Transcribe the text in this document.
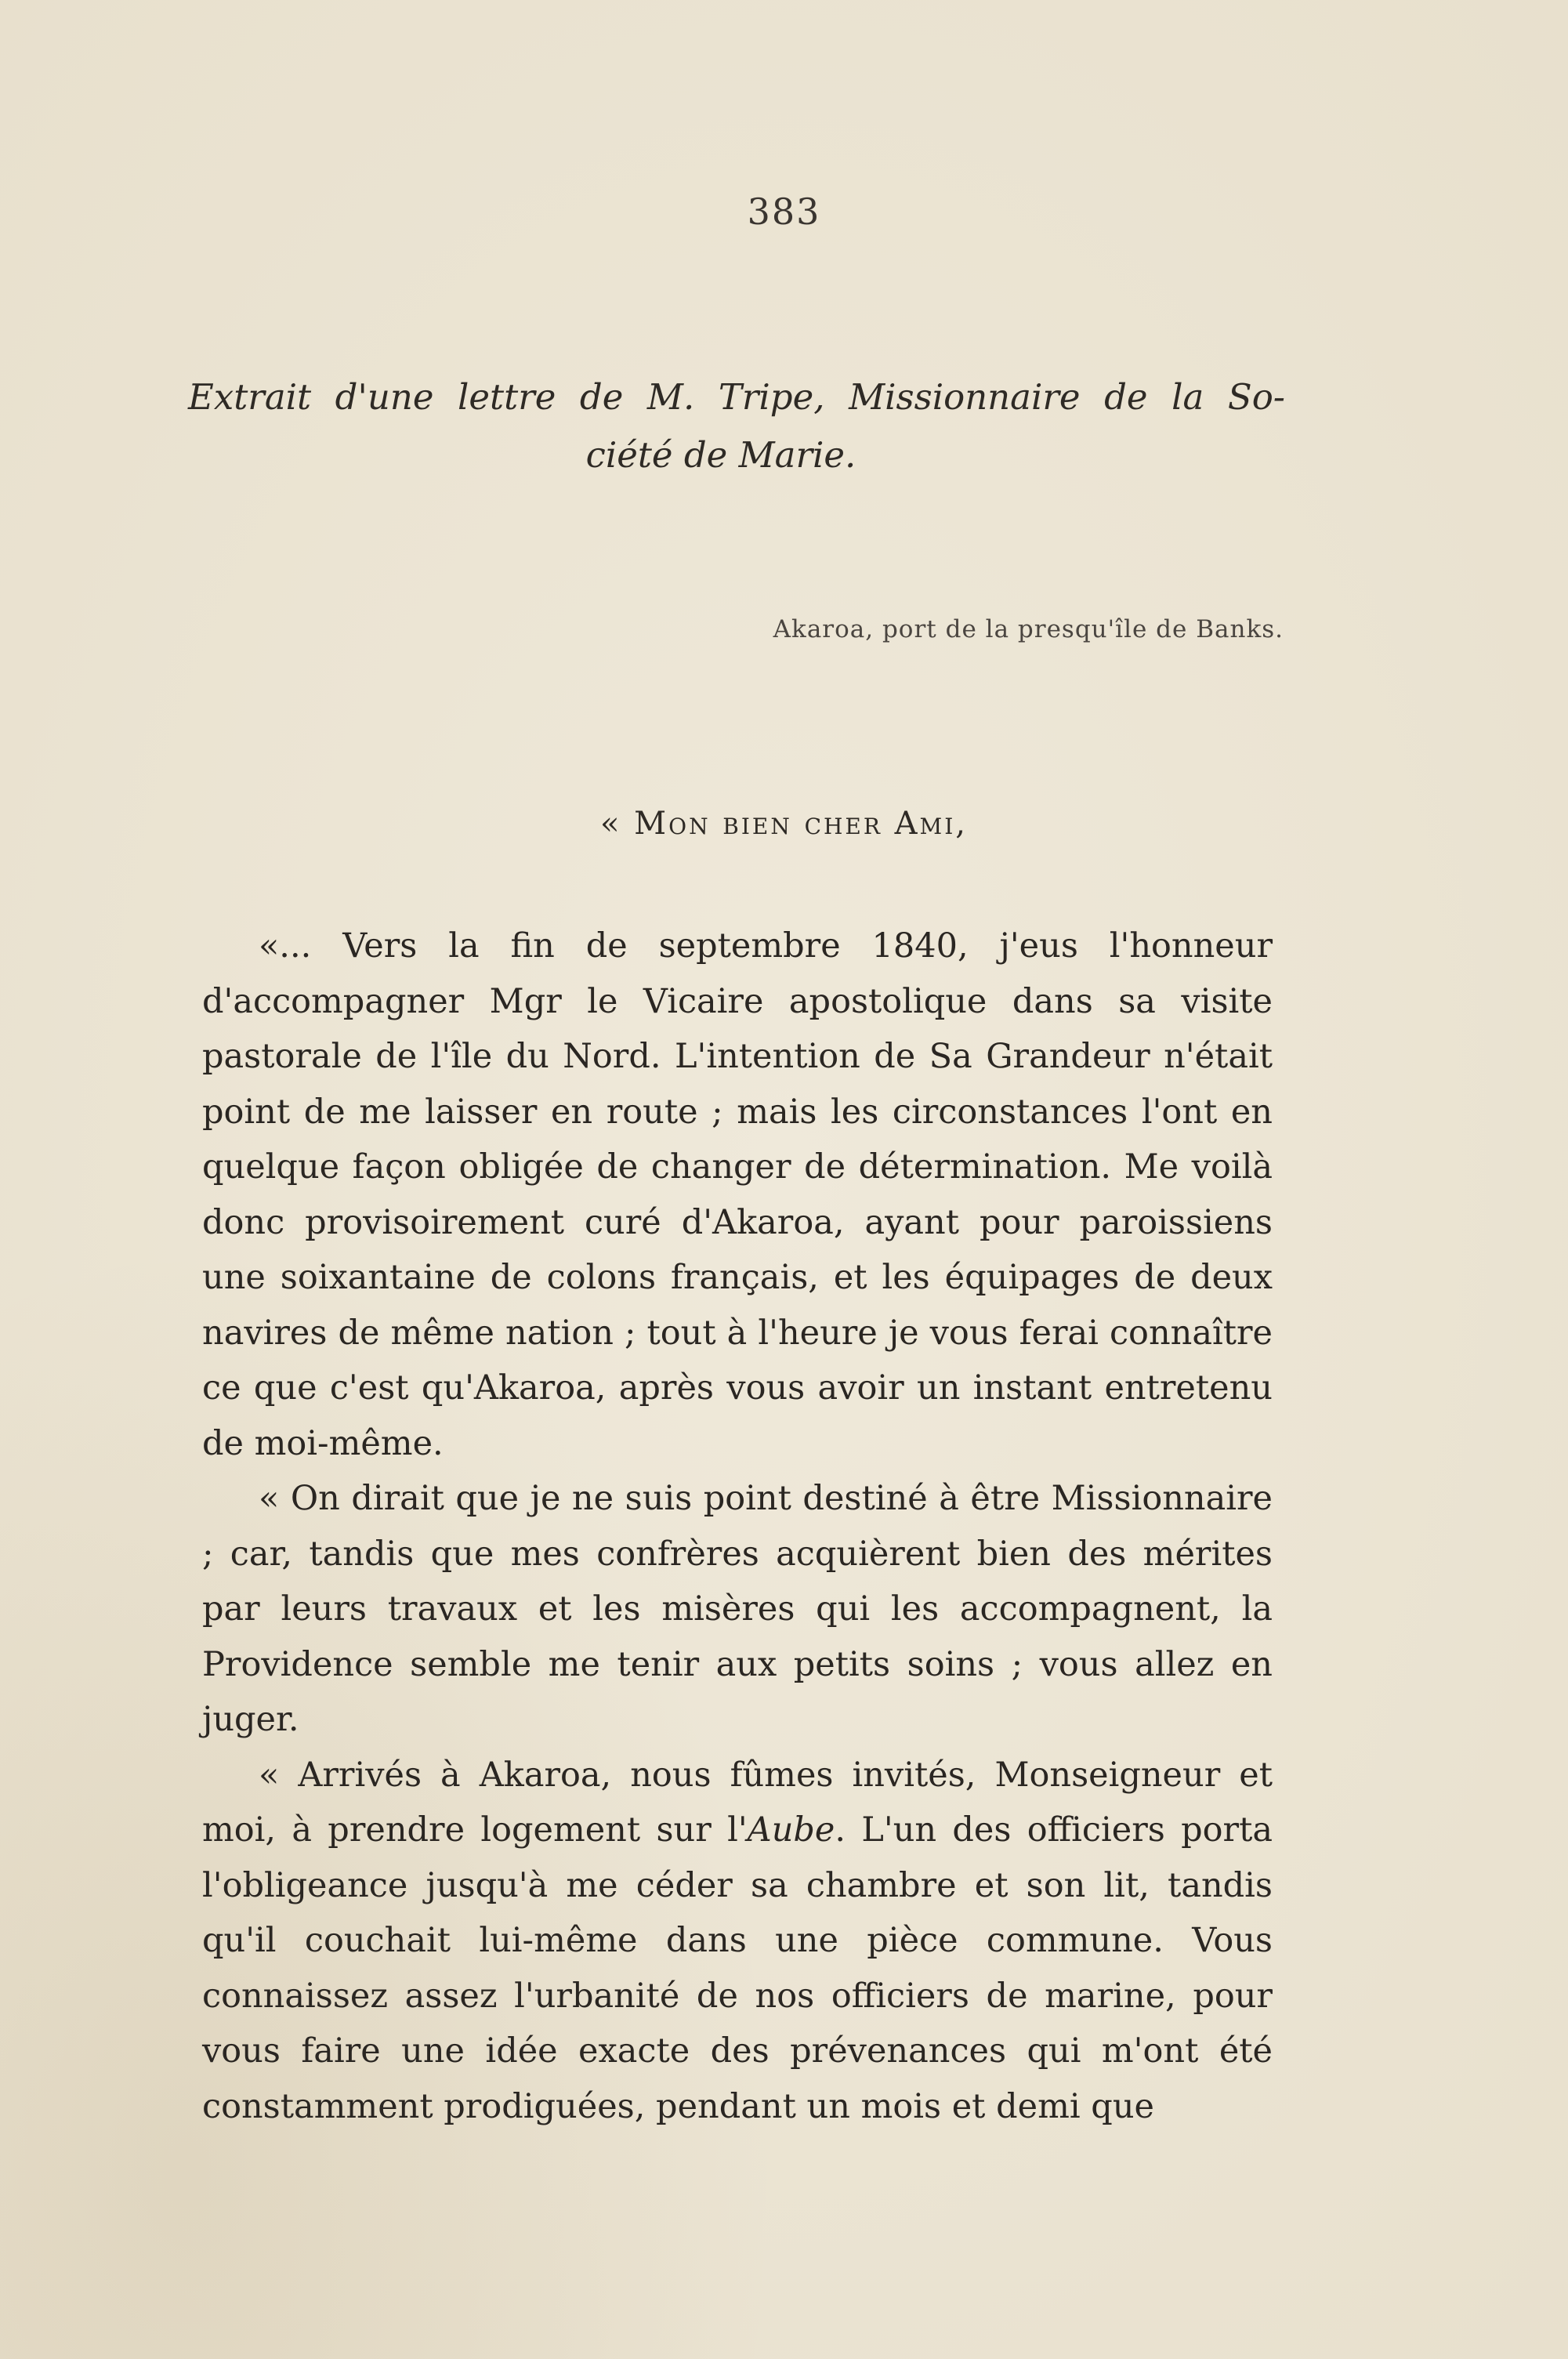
383
Extrait d'une lettre de M. Tripe, Missionnaire de la So-
ciété de Marie.
Akaroa, port de la presqu'île de Banks.
« Mon bien cher Ami,

«... Vers la fin de septembre 1840, j'eus l'honneur d'accompagner Mgr le Vicaire apostolique dans sa visite pastorale de l'île du Nord. L'intention de Sa Grandeur n'était point de me laisser en route ; mais les circonstances l'ont en quelque façon obligée de changer de détermination. Me voilà donc provisoirement curé d'Akaroa, ayant pour paroissiens une soixantaine de colons français, et les équipages de deux navires de même nation ; tout à l'heure je vous ferai connaître ce que c'est qu'Akaroa, après vous avoir un instant entretenu de moi-même.

« On dirait que je ne suis point destiné à être Missionnaire ; car, tandis que mes confrères acquièrent bien des mérites par leurs travaux et les misères qui les accompagnent, la Providence semble me tenir aux petits soins ; vous allez en juger.

« Arrivés à Akaroa, nous fûmes invités, Monseigneur et moi, à prendre logement sur l'Aube. L'un des officiers porta l'obligeance jusqu'à me céder sa chambre et son lit, tandis qu'il couchait lui-même dans une pièce commune. Vous connaissez assez l'urbanité de nos officiers de marine, pour vous faire une idée exacte des prévenances qui m'ont été constamment prodiguées, pendant un mois et demi que
